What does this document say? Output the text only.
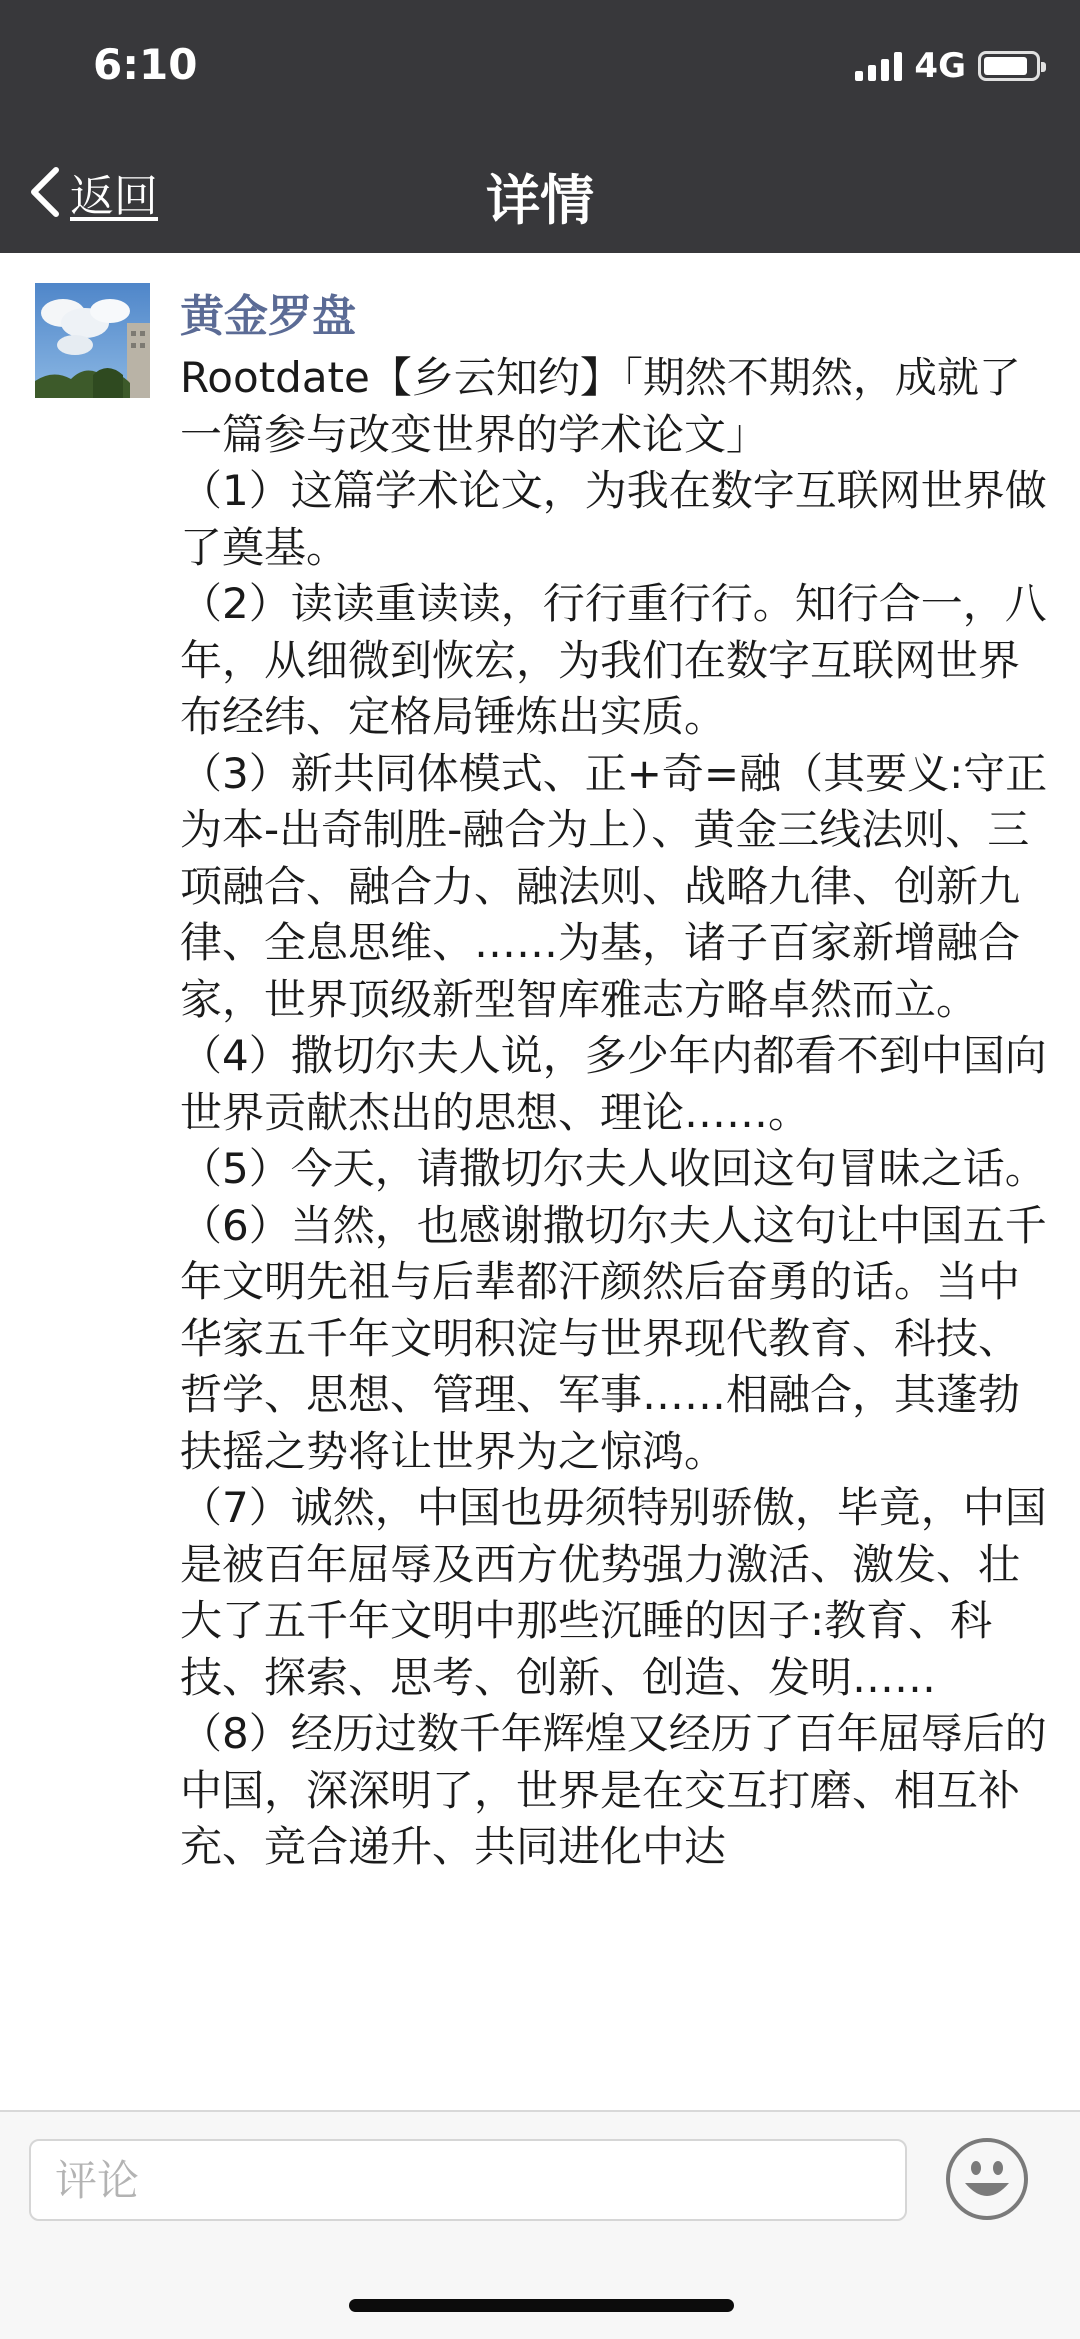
6:10	4G
返回	详情
黄金罗盘
Rootdate【乡云知约】「期然不期然，成就了一篇参与改变世界的学术论文」
（1）这篇学术论文，为我在数字互联网世界做了奠基。
（2）读读重读读，行行重行行。知行合一，八年，从细微到恢宏，为我们在数字互联网世界布经纬、定格局锤炼出实质。
（3）新共同体模式、正+奇=融（其要义:守正为本-出奇制胜-融合为上）、黄金三线法则、三项融合、融合力、融法则、战略九律、创新九律、全息思维、……为基，诸子百家新增融合家，世界顶级新型智库雅志方略卓然而立。
（4）撒切尔夫人说，多少年内都看不到中国向世界贡献杰出的思想、理论……。
（5）今天，请撒切尔夫人收回这句冒昧之话。
（6）当然，也感谢撒切尔夫人这句让中国五千年文明先祖与后辈都汗颜然后奋勇的话。当中华家五千年文明积淀与世界现代教育、科技、哲学、思想、管理、军事……相融合，其蓬勃扶摇之势将让世界为之惊鸿。
（7）诚然，中国也毋须特别骄傲，毕竟，中国是被百年屈辱及西方优势强力激活、激发、壮大了五千年文明中那些沉睡的因子:教育、科技、探索、思考、创新、创造、发明……
（8）经历过数千年辉煌又经历了百年屈辱后的中国，深深明了，世界是在交互打磨、相互补充、竞合递升、共同进化中达
评论
